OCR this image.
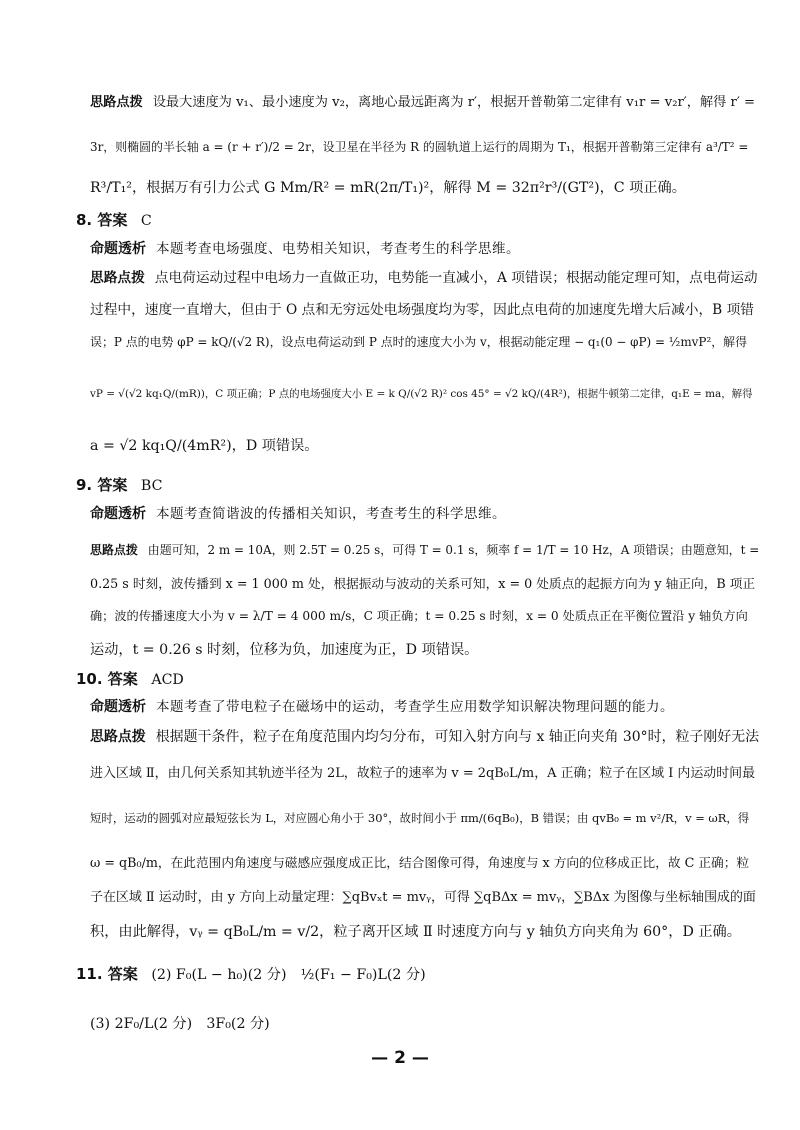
思路点拨 设最大速度为 v₁、最小速度为 v₂，离地心最远距离为 r′，根据开普勒第二定律有 v₁r = v₂r′，解得 r′ =
3r，则椭圆的半长轴 a = (r + r′)/2 = 2r，设卫星在半径为 R 的圆轨道上运行的周期为 T₁，根据开普勒第三定律有 a³/T² =
R³/T₁²，根据万有引力公式 G Mm/R² = mR(2π/T₁)²，解得 M = 32π²r³/(GT²)，C 项正确。
8. 答案 C
命题透析 本题考查电场强度、电势相关知识，考查考生的科学思维。
思路点拨 点电荷运动过程中电场力一直做正功，电势能一直减小，A 项错误；根据动能定理可知，点电荷运动
过程中，速度一直增大，但由于 O 点和无穷远处电场强度均为零，因此点电荷的加速度先增大后减小，B 项错
误；P 点的电势 φP = kQ/(√2 R)，设点电荷运动到 P 点时的速度大小为 v，根据动能定理 − q₁(0 − φP) = ½mvP²，解得
vP = √(√2 kq₁Q/(mR))，C 项正确；P 点的电场强度大小 E = k Q/(√2 R)² cos 45° = √2 kQ/(4R²)，根据牛顿第二定律，q₁E = ma，解得
a = √2 kq₁Q/(4mR²)，D 项错误。
9. 答案 BC
命题透析 本题考查简谐波的传播相关知识，考查考生的科学思维。
思路点拨 由题可知，2 m = 10A，则 2.5T = 0.25 s，可得 T = 0.1 s，频率 f = 1/T = 10 Hz，A 项错误；由题意知，t =
0.25 s 时刻，波传播到 x = 1 000 m 处，根据振动与波动的关系可知，x = 0 处质点的起振方向为 y 轴正向，B 项正
确；波的传播速度大小为 v = λ/T = 4 000 m/s，C 项正确；t = 0.25 s 时刻，x = 0 处质点正在平衡位置沿 y 轴负方向
运动，t = 0.26 s 时刻，位移为负，加速度为正，D 项错误。
10. 答案 ACD
命题透析 本题考查了带电粒子在磁场中的运动，考查学生应用数学知识解决物理问题的能力。
思路点拨 根据题干条件，粒子在角度范围内均匀分布，可知入射方向与 x 轴正向夹角 30°时，粒子刚好无法
进入区域 Ⅱ，由几何关系知其轨迹半径为 2L，故粒子的速率为 v = 2qB₀L/m，A 正确；粒子在区域 Ⅰ 内运动时间最
短时，运动的圆弧对应最短弦长为 L，对应圆心角小于 30°，故时间小于 πm/(6qB₀)，B 错误；由 qvB₀ = m v²/R，v = ωR，得
ω = qB₀/m，在此范围内角速度与磁感应强度成正比，结合图像可得，角速度与 x 方向的位移成正比，故 C 正确；粒
子在区域 Ⅱ 运动时，由 y 方向上动量定理：∑qBvₓt = mvᵧ，可得 ∑qBΔx = mvᵧ，∑BΔx 为图像与坐标轴围成的面
积，由此解得，vᵧ = qB₀L/m = v/2，粒子离开区域 Ⅱ 时速度方向与 y 轴负方向夹角为 60°，D 正确。
11. 答案 (2) F₀(L − h₀)(2 分)　½(F₁ − F₀)L(2 分)
(3) 2F₀/L(2 分)　3F₀(2 分)
— 2 —
